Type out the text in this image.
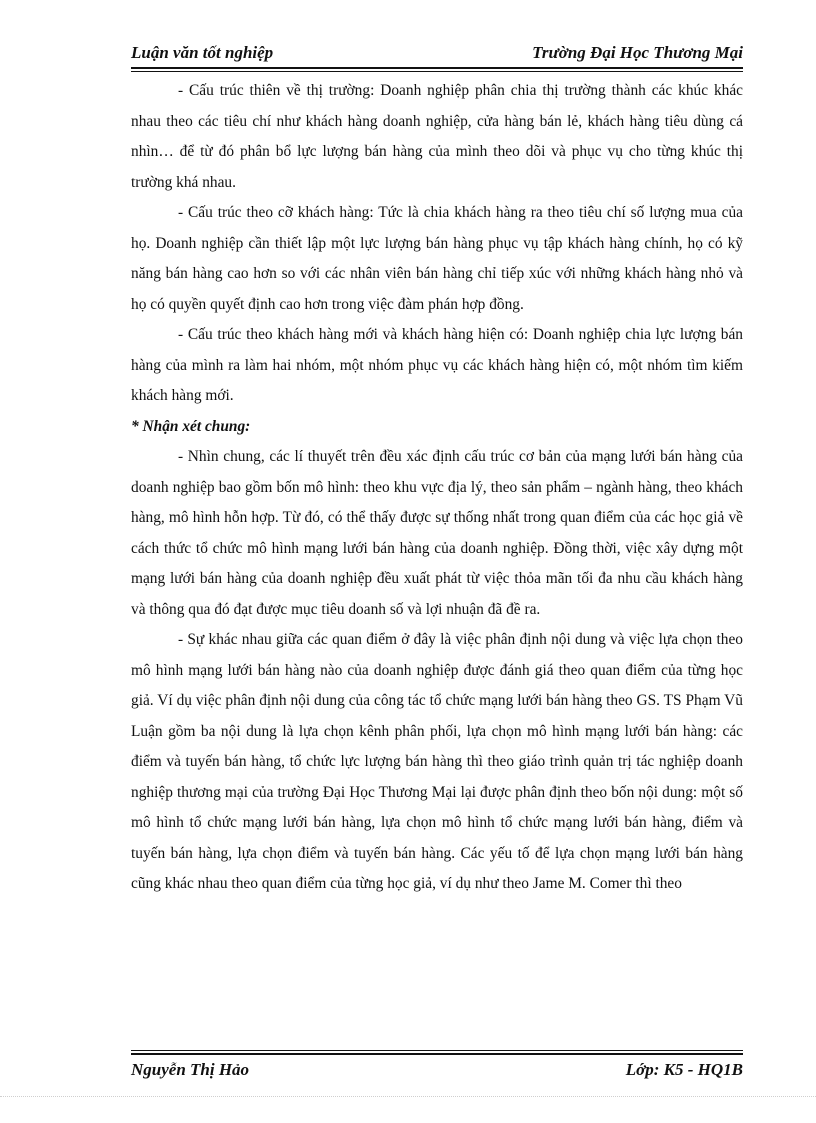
Luận văn tốt nghiệp	Trường Đại Học Thương Mại

- Cấu trúc thiên về thị trường: Doanh nghiệp phân chia thị trường thành các khúc khác nhau theo các tiêu chí như khách hàng doanh nghiệp, cửa hàng bán lẻ, khách hàng tiêu dùng cá nhìn… để từ đó phân bổ lực lượng bán hàng của mình theo dõi và phục vụ cho từng khúc thị trường khá nhau.

- Cấu trúc theo cỡ khách hàng: Tức là chia khách hàng ra theo tiêu chí số lượng mua của họ. Doanh nghiệp cần thiết lập một lực lượng bán hàng phục vụ tập khách hàng chính, họ có kỹ năng bán hàng cao hơn so với các nhân viên bán hàng chỉ tiếp xúc với những khách hàng nhỏ và họ có quyền quyết định cao hơn trong việc đàm phán hợp đồng.

- Cấu trúc theo khách hàng mới và khách hàng hiện có: Doanh nghiệp chia lực lượng bán hàng của mình ra làm hai nhóm, một nhóm phục vụ các khách hàng hiện có, một nhóm tìm kiếm khách hàng mới.

* Nhận xét chung:

- Nhìn chung, các lí thuyết trên đều xác định cấu trúc cơ bản của mạng lưới bán hàng của doanh nghiệp bao gồm bốn mô hình: theo khu vực địa lý, theo sản phẩm – ngành hàng, theo khách hàng, mô hình hỗn hợp. Từ đó, có thể thấy được sự thống nhất trong quan điểm của các học giả về cách thức tổ chức mô hình mạng lưới bán hàng của doanh nghiệp. Đồng thời, việc xây dựng một mạng lưới bán hàng của doanh nghiệp đều xuất phát từ việc thỏa mãn tối đa nhu cầu khách hàng và thông qua đó đạt được mục tiêu doanh số và lợi nhuận đã đề ra.

- Sự khác nhau giữa các quan điểm ở đây là việc phân định nội dung và việc lựa chọn theo mô hình mạng lưới bán hàng nào của doanh nghiệp được đánh giá theo quan điểm của từng học giả. Ví dụ việc phân định nội dung của công tác tổ chức mạng lưới bán hàng theo GS. TS Phạm Vũ Luận gồm ba nội dung là lựa chọn kênh phân phối, lựa chọn mô hình mạng lưới bán hàng: các điểm và tuyến bán hàng, tổ chức lực lượng bán hàng thì theo giáo trình quản trị tác nghiệp doanh nghiệp thương mại của trường Đại Học Thương Mại lại được phân định theo bốn nội dung: một số mô hình tổ chức mạng lưới bán hàng, lựa chọn mô hình tổ chức mạng lưới bán hàng, điểm và tuyến bán hàng, lựa chọn điểm và tuyến bán hàng. Các yếu tố để lựa chọn mạng lưới bán hàng cũng khác nhau theo quan điểm của từng học giả, ví dụ như theo Jame M. Comer thì theo

Nguyễn Thị Hảo	Lớp: K5 - HQ1B
